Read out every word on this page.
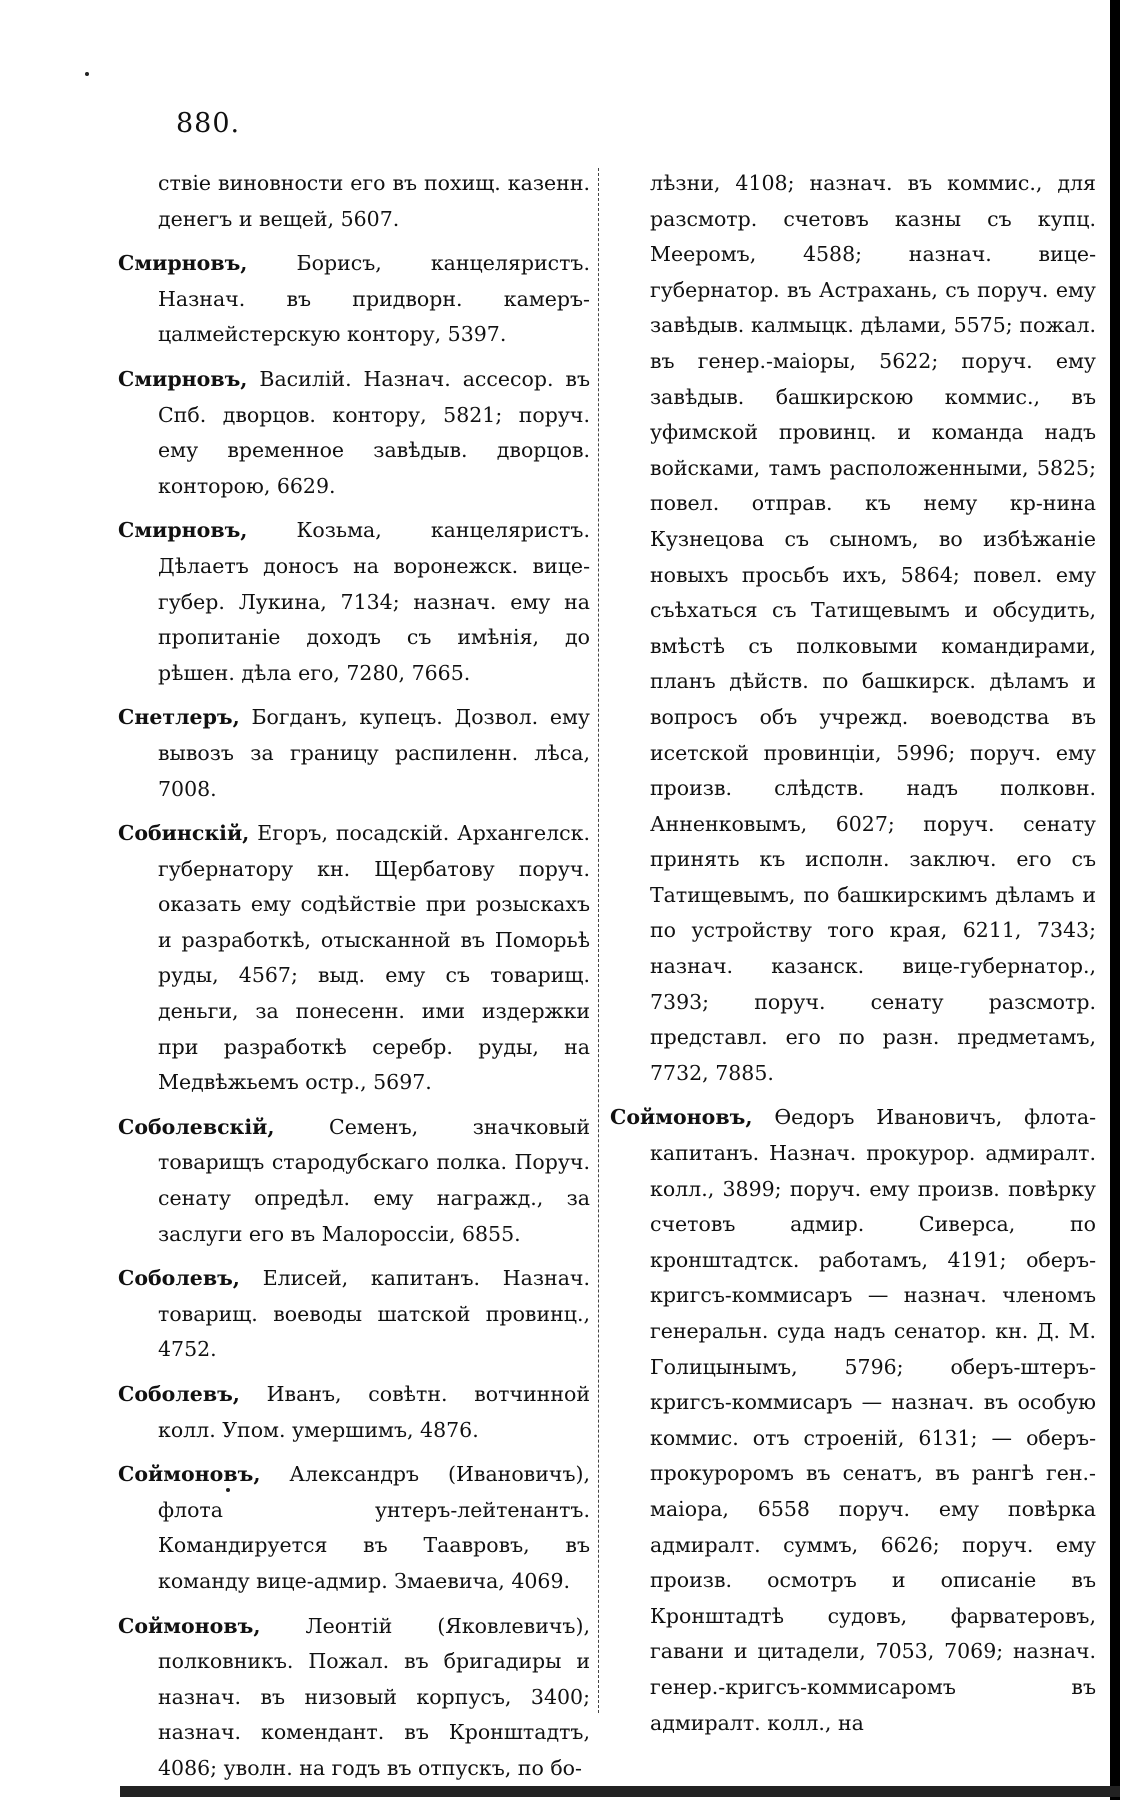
880.

ствіе виновности его въ похищ. казенн. денегъ и вещей, 5607.

Смирновъ, Борисъ, канцеляристъ. Назнач. въ придворн. камеръ-цалмейстерскую контору, 5397.

Смирновъ, Василій. Назнач. ассесор. въ Спб. дворцов. контору, 5821; поруч. ему временное завѣдыв. дворцов. конторою, 6629.

Смирновъ, Козьма, канцеляристъ. Дѣлаетъ доносъ на воронежск. вице-губер. Лукина, 7134; назнач. ему на пропитаніе доходъ съ имѣнія, до рѣшен. дѣла его, 7280, 7665.

Снетлеръ, Богданъ, купецъ. Дозвол. ему вывозъ за границу распиленн. лѣса, 7008.

Собинскій, Егоръ, посадскій. Архангелск. губернатору кн. Щербатову поруч. оказать ему содѣйствіе при розыскахъ и разработкѣ, отысканной въ Поморьѣ руды, 4567; выд. ему съ товарищ. деньги, за понесенн. ими издержки при разработкѣ серебр. руды, на Медвѣжьемъ остр., 5697.

Соболевскій, Семенъ, значковый товарищъ стародубскаго полка. Поруч. сенату опредѣл. ему награжд., за заслуги его въ Малороссіи, 6855.

Соболевъ, Елисей, капитанъ. Назнач. товарищ. воеводы шатской провинц., 4752.

Соболевъ, Иванъ, совѣтн. вотчинной колл. Упом. умершимъ, 4876.

Соймоновъ, Александръ (Ивановичъ), флота унтеръ-лейтенантъ. Командируется въ Таавровъ, въ команду вице-адмир. Змаевича, 4069.

Соймоновъ, Леонтій (Яковлевичъ), полковникъ. Пожал. въ бригадиры и назнач. въ низовый корпусъ, 3400; назнач. комендант. въ Кронштадтъ, 4086; уволн. на годъ въ отпускъ, по бо-

лѣзни, 4108; назнач. въ коммис., для разсмотр. счетовъ казны съ купц. Мееромъ, 4588; назнач. вице-губернатор. въ Астрахань, съ поруч. ему завѣдыв. калмыцк. дѣлами, 5575; пожал. въ генер.-маіоры, 5622; поруч. ему завѣдыв. башкирскою коммис., въ уфимской провинц. и команда надъ войсками, тамъ расположенными, 5825; повел. отправ. къ нему кр-нина Кузнецова съ сыномъ, во избѣжаніе новыхъ просьбъ ихъ, 5864; повел. ему съѣхаться съ Татищевымъ и обсудить, вмѣстѣ съ полковыми командирами, планъ дѣйств. по башкирск. дѣламъ и вопросъ объ учрежд. воеводства въ исетской провинціи, 5996; поруч. ему произв. слѣдств. надъ полковн. Анненковымъ, 6027; поруч. сенату принять къ исполн. заключ. его съ Татищевымъ, по башкирскимъ дѣламъ и по устройству того края, 6211, 7343; назнач. казанск. вице-губернатор., 7393; поруч. сенату разсмотр. представл. его по разн. предметамъ, 7732, 7885.

Соймоновъ, Ѳедоръ Ивановичъ, флота-капитанъ. Назнач. прокурор. адмиралт. колл., 3899; поруч. ему произв. повѣрку счетовъ адмир. Сиверса, по кронштадтск. работамъ, 4191; оберъ-кригсъ-коммисаръ — назнач. членомъ генеральн. суда надъ сенатор. кн. Д. М. Голицынымъ, 5796; оберъ-штеръ-кригсъ-коммисаръ — назнач. въ особую коммис. отъ строеній, 6131; — оберъ-прокуроромъ въ сенатъ, въ рангѣ ген.-маіора, 6558 поруч. ему повѣрка адмиралт. суммъ, 6626; поруч. ему произв. осмотръ и описаніе въ Кронштадтѣ судовъ, фарватеровъ, гавани и цитадели, 7053, 7069; назнач. генер.-кригсъ-коммисаромъ въ адмиралт. колл., на
